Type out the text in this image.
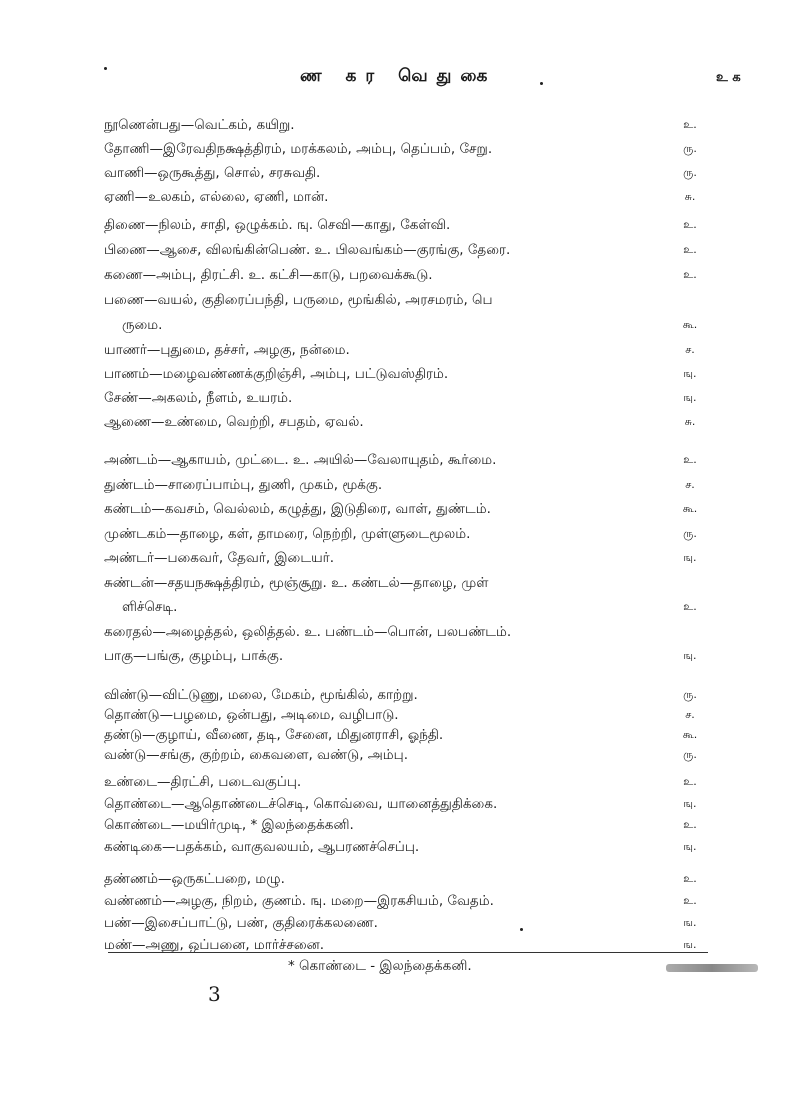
ண கர வெதுகை	உ க
நூணென்பது—வெட்கம், கயிறு.	உ.
தோணி—இரேவதிநக்ஷத்திரம், மரக்கலம், அம்பு, தெப்பம், சேறு.	ரு.
வாணி—ஒருகூத்து, சொல், சரசுவதி.	ரு.
ஏணி—உலகம், எல்லை, ஏணி, மான்.	சு.
திணை—நிலம், சாதி, ஒழுக்கம். ஙு. செவி—காது, கேள்வி.	உ.
பிணை—ஆசை, விலங்கின்பெண். உ. பிலவங்கம்—குரங்கு, தேரை.	உ.
கணை—அம்பு, திரட்சி. உ. கட்சி—காடு, பறவைக்கூடு.	உ.
பணை—வயல், குதிரைப்பந்தி, பருமை, மூங்கில், அரசமரம், பெ
ருமை.	கூ.
யாணர்—புதுமை, தச்சர், அழகு, நன்மை.	ச.
பாணம்—மழைவண்ணக்குறிஞ்சி, அம்பு, பட்டுவஸ்திரம்.	ஙு.
சேண்—அகலம், நீளம், உயரம்.	ஙு.
ஆணை—உண்மை, வெற்றி, சபதம், ஏவல்.	சு.
அண்டம்—ஆகாயம், முட்டை. உ. அயில்—வேலாயுதம், கூர்மை.	உ.
துண்டம்—சாரைப்பாம்பு, துணி, முகம், மூக்கு.	ச.
கண்டம்—கவசம், வெல்லம், கழுத்து, இடுதிரை, வாள், துண்டம்.	கூ.
முண்டகம்—தாழை, கள், தாமரை, நெற்றி, முள்ளுடைமூலம்.	ரு.
அண்டர்—பகைவர், தேவர், இடையர்.	ஙு.
சுண்டன்—சதயநக்ஷத்திரம், மூஞ்சூறு. உ. கண்டல்—தாழை, முள்
ளிச்செடி.	உ.
கரைதல்—அழைத்தல், ஒலித்தல். உ. பண்டம்—பொன், பலபண்டம்.
பாகு—பங்கு, குழம்பு, பாக்கு.	ஙு.
விண்டு—விட்டுணு, மலை, மேகம், மூங்கில், காற்று.	ரு.
தொண்டு—பழமை, ஒன்பது, அடிமை, வழிபாடு.	ச.
தண்டு—குழாய், வீணை, தடி, சேனை, மிதுனராசி, ஓந்தி.	கூ.
வண்டு—சங்கு, குற்றம், கைவளை, வண்டு, அம்பு.	ரு.
உண்டை—திரட்சி, படைவகுப்பு.	உ.
தொண்டை—ஆதொண்டைச்செடி, கொவ்வை, யானைத்துதிக்கை.	ஙு.
கொண்டை—மயிர்முடி, * இலந்தைக்கனி.	உ.
கண்டிகை—பதக்கம், வாகுவலயம், ஆபரணச்செப்பு.	ஙு.
தண்ணம்—ஒருகட்பறை, மழு.	உ.
வண்ணம்—அழகு, நிறம், குணம். ஙு. மறை—இரகசியம், வேதம்.	உ.
பண்—இசைப்பாட்டு, பண், குதிரைக்கலணை.	ங.
மண்—அணு, ஒப்பனை, மார்ச்சனை.	ங.
* கொண்டை - இலந்தைக்கனி.
3
